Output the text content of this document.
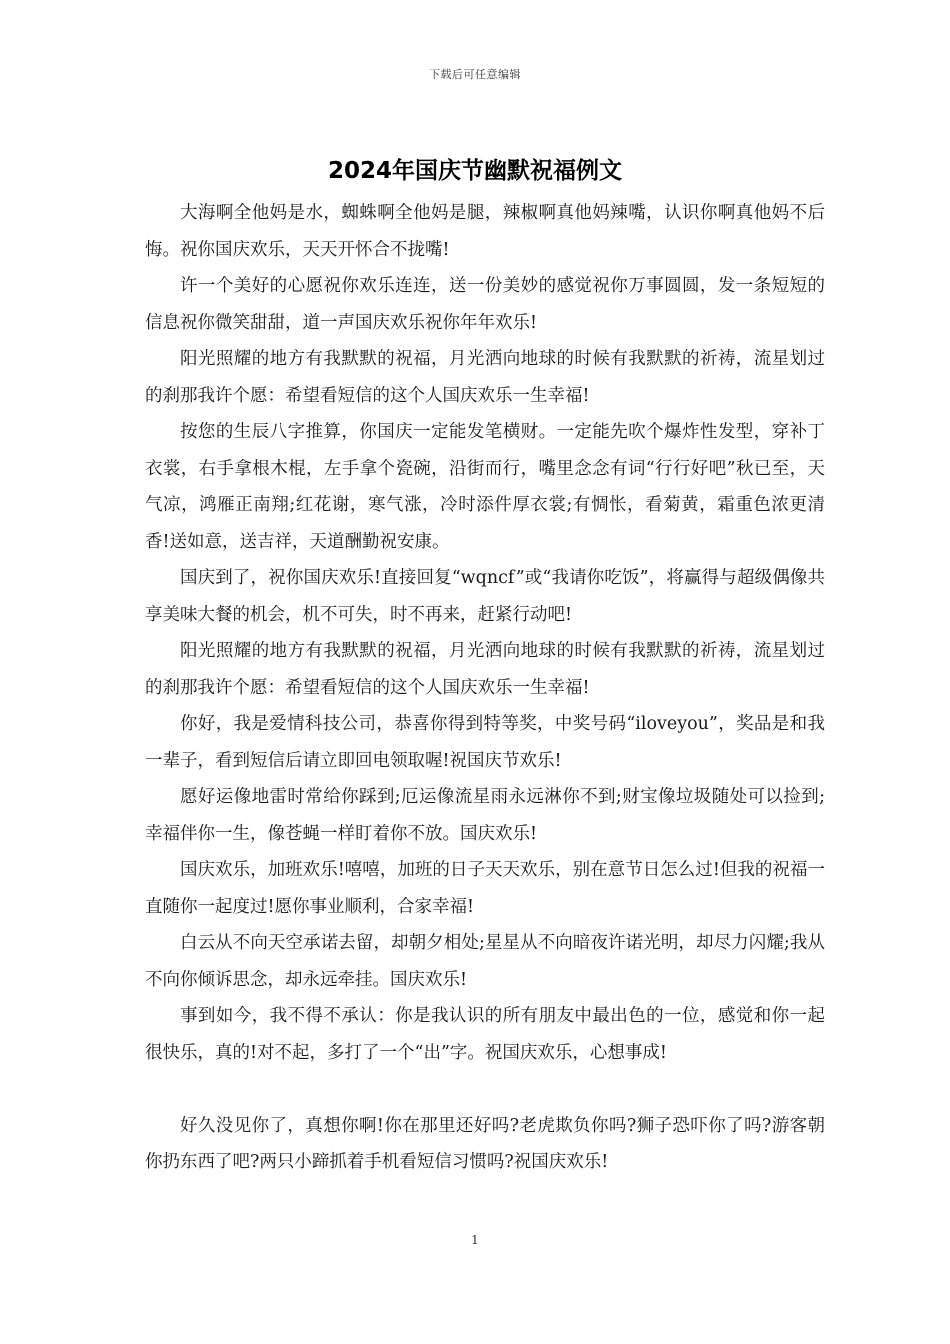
下载后可任意编辑
2024年国庆节幽默祝福例文

大海啊全他妈是水，蜘蛛啊全他妈是腿，辣椒啊真他妈辣嘴，认识你啊真他妈不后悔。祝你国庆欢乐，天天开怀合不拢嘴!

许一个美好的心愿祝你欢乐连连，送一份美妙的感觉祝你万事圆圆，发一条短短的信息祝你微笑甜甜，道一声国庆欢乐祝你年年欢乐!

阳光照耀的地方有我默默的祝福，月光洒向地球的时候有我默默的祈祷，流星划过的刹那我许个愿：希望看短信的这个人国庆欢乐一生幸福!

按您的生辰八字推算，你国庆一定能发笔横财。一定能先吹个爆炸性发型，穿补丁衣裳，右手拿根木棍，左手拿个瓷碗，沿街而行，嘴里念念有词“行行好吧”秋已至，天气凉，鸿雁正南翔;红花谢，寒气涨，冷时添件厚衣裳;有惆怅，看菊黄，霜重色浓更清香!送如意，送吉祥，天道酬勤祝安康。

国庆到了，祝你国庆欢乐!直接回复“wqncf”或“我请你吃饭”，将赢得与超级偶像共享美味大餐的机会，机不可失，时不再来，赶紧行动吧!

阳光照耀的地方有我默默的祝福，月光洒向地球的时候有我默默的祈祷，流星划过的刹那我许个愿：希望看短信的这个人国庆欢乐一生幸福!

你好，我是爱情科技公司，恭喜你得到特等奖，中奖号码“iloveyou”，奖品是和我一辈子，看到短信后请立即回电领取喔!祝国庆节欢乐!

愿好运像地雷时常给你踩到;厄运像流星雨永远淋你不到;财宝像垃圾随处可以捡到;幸福伴你一生，像苍蝇一样盯着你不放。国庆欢乐!

国庆欢乐，加班欢乐!嘻嘻，加班的日子天天欢乐，别在意节日怎么过!但我的祝福一直随你一起度过!愿你事业顺利，合家幸福!

白云从不向天空承诺去留，却朝夕相处;星星从不向暗夜许诺光明，却尽力闪耀;我从不向你倾诉思念，却永远牵挂。国庆欢乐!

事到如今，我不得不承认：你是我认识的所有朋友中最出色的一位，感觉和你一起很快乐，真的!对不起，多打了一个“出”字。祝国庆欢乐，心想事成!

好久没见你了，真想你啊!你在那里还好吗?老虎欺负你吗?狮子恐吓你了吗?游客朝你扔东西了吧?两只小蹄抓着手机看短信习惯吗?祝国庆欢乐!

1
